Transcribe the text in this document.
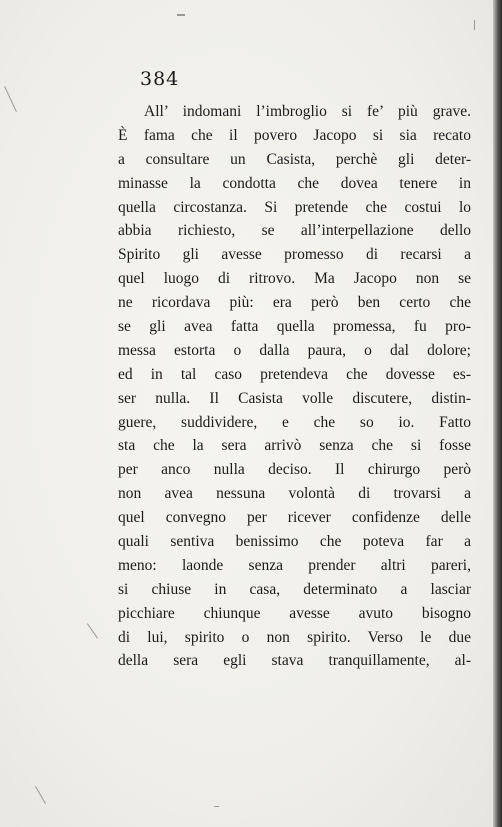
384
All’ indomani l’imbroglio si fe’ più grave.
È fama che il povero Jacopo si sia recato
a consultare un Casista, perchè gli deter-
minasse la condotta che dovea tenere in
quella circostanza. Si pretende che costui lo
abbia richiesto, se all’interpellazione dello
Spirito gli avesse promesso di recarsi a
quel luogo di ritrovo. Ma Jacopo non se
ne ricordava più: era però ben certo che
se gli avea fatta quella promessa, fu pro-
messa estorta o dalla paura, o dal dolore;
ed in tal caso pretendeva che dovesse es-
ser nulla. Il Casista volle discutere, distin-
guere, suddividere, e che so io. Fatto
sta che la sera arrivò senza che si fosse
per anco nulla deciso. Il chirurgo però
non avea nessuna volontà di trovarsi a
quel convegno per ricever confidenze delle
quali sentiva benissimo che poteva far a
meno: laonde senza prender altri pareri,
si chiuse in casa, determinato a lasciar
picchiare chiunque avesse avuto bisogno
di lui, spirito o non spirito. Verso le due
della sera egli stava tranquillamente, al-
